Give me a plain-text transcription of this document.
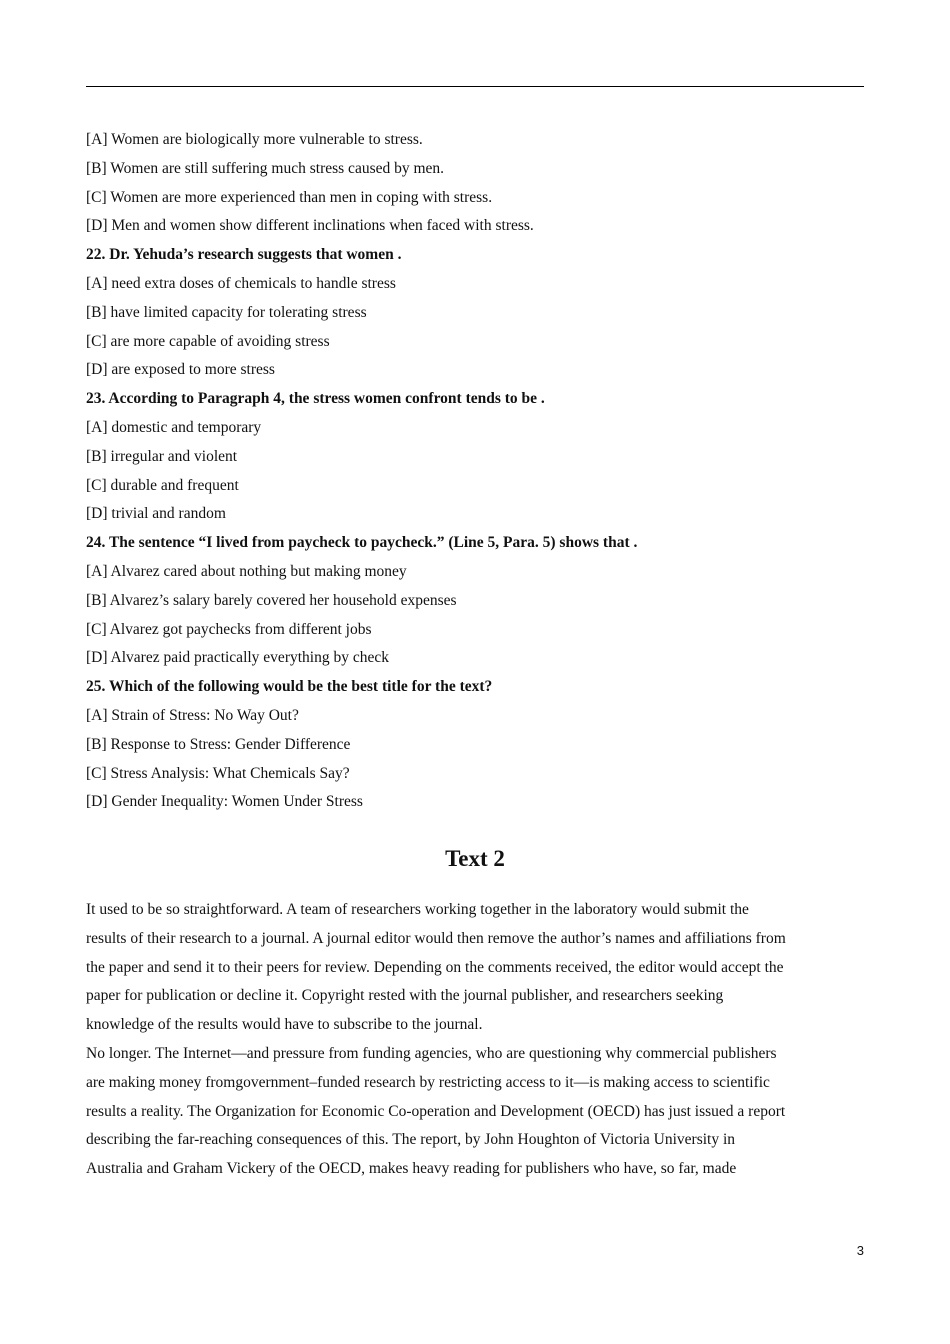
[A] Women are biologically more vulnerable to stress.

[B] Women are still suffering much stress caused by men.

[C] Women are more experienced than men in coping with stress.

[D] Men and women show different inclinations when faced with stress.

22. Dr. Yehuda’s research suggests that women .

[A] need extra doses of chemicals to handle stress

[B] have limited capacity for tolerating stress

[C] are more capable of avoiding stress

[D] are exposed to more stress

23. According to Paragraph 4, the stress women confront tends to be .

[A] domestic and temporary

[B] irregular and violent

[C] durable and frequent

[D] trivial and random

24. The sentence “I lived from paycheck to paycheck.” (Line 5, Para. 5) shows that .

[A] Alvarez cared about nothing but making money

[B] Alvarez’s salary barely covered her household expenses

[C] Alvarez got paychecks from different jobs

[D] Alvarez paid practically everything by check

25. Which of the following would be the best title for the text?

[A] Strain of Stress: No Way Out?

[B] Response to Stress: Gender Difference

[C] Stress Analysis: What Chemicals Say?

[D] Gender Inequality: Women Under Stress

Text 2

It used to be so straightforward. A team of researchers working together in the laboratory would submit the

results of their research to a journal. A journal editor would then remove the author’s names and affiliations from

the paper and send it to their peers for review. Depending on the comments received, the editor would accept the

paper for publication or decline it. Copyright rested with the journal publisher, and researchers seeking

knowledge of the results would have to subscribe to the journal.

No longer. The Internet—and pressure from funding agencies, who are questioning why commercial publishers

are making money fromgovernment–funded research by restricting access to it—is making access to scientific

results a reality. The Organization for Economic Co-operation and Development (OECD) has just issued a report

describing the far-reaching consequences of this. The report, by John Houghton of Victoria University in

Australia and Graham Vickery of the OECD, makes heavy reading for publishers who have, so far, made

3
